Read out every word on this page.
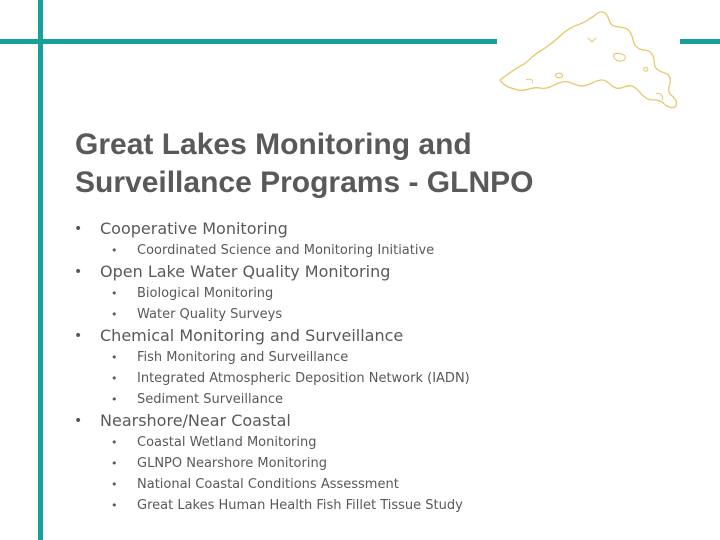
Great Lakes Monitoring and
Surveillance Programs - GLNPO
• Cooperative Monitoring
• Coordinated Science and Monitoring Initiative
• Open Lake Water Quality Monitoring
• Biological Monitoring
• Water Quality Surveys
• Chemical Monitoring and Surveillance
• Fish Monitoring and Surveillance
• Integrated Atmospheric Deposition Network (IADN)
• Sediment Surveillance
• Nearshore/Near Coastal
• Coastal Wetland Monitoring
• GLNPO Nearshore Monitoring
• National Coastal Conditions Assessment
• Great Lakes Human Health Fish Fillet Tissue Study
